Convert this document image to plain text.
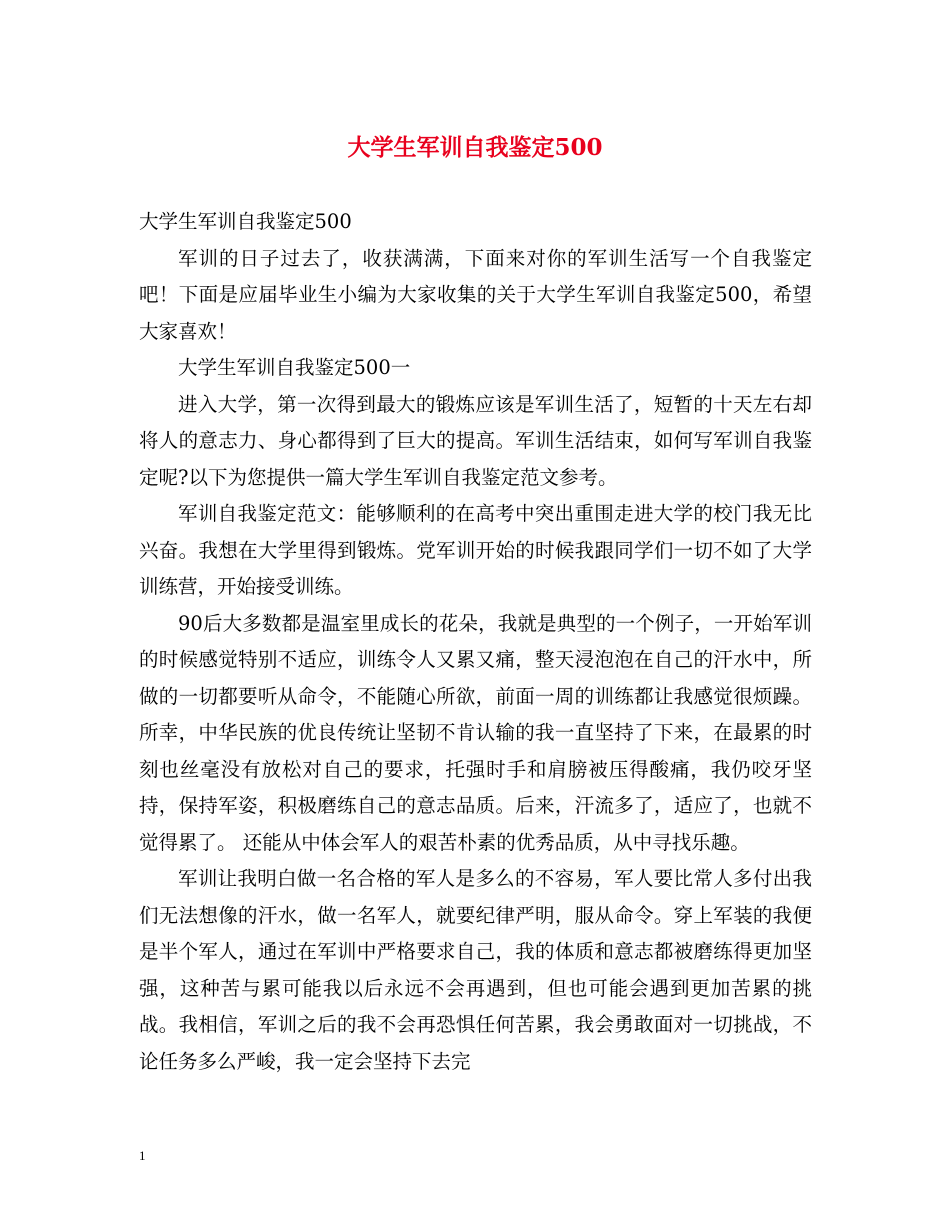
大学生军训自我鉴定500

大学生军训自我鉴定500

军训的日子过去了，收获满满，下面来对你的军训生活写一个自我鉴定吧！下面是应届毕业生小编为大家收集的关于大学生军训自我鉴定500，希望大家喜欢！

大学生军训自我鉴定500一

进入大学，第一次得到最大的锻炼应该是军训生活了，短暂的十天左右却将人的意志力、身心都得到了巨大的提高。军训生活结束，如何写军训自我鉴定呢?以下为您提供一篇大学生军训自我鉴定范文参考。

军训自我鉴定范文：能够顺利的在高考中突出重围走进大学的校门我无比兴奋。我想在大学里得到锻炼。党军训开始的时候我跟同学们一切不如了大学训练营，开始接受训练。

90后大多数都是温室里成长的花朵，我就是典型的一个例子，一开始军训的时候感觉特别不适应，训练令人又累又痛，整天浸泡泡在自己的汗水中，所做的一切都要听从命令，不能随心所欲，前面一周的训练都让我感觉很烦躁。所幸，中华民族的优良传统让坚韧不肯认输的我一直坚持了下来，在最累的时刻也丝毫没有放松对自己的要求，托强时手和肩膀被压得酸痛，我仍咬牙坚持，保持军姿，积极磨练自己的意志品质。后来，汗流多了，适应了，也就不觉得累了。 还能从中体会军人的艰苦朴素的优秀品质，从中寻找乐趣。

军训让我明白做一名合格的军人是多么的不容易，军人要比常人多付出我们无法想像的汗水，做一名军人，就要纪律严明，服从命令。穿上军装的我便是半个军人，通过在军训中严格要求自己，我的体质和意志都被磨练得更加坚强，这种苦与累可能我以后永远不会再遇到，但也可能会遇到更加苦累的挑战。我相信，军训之后的我不会再恐惧任何苦累，我会勇敢面对一切挑战，不论任务多么严峻，我一定会坚持下去完

1
